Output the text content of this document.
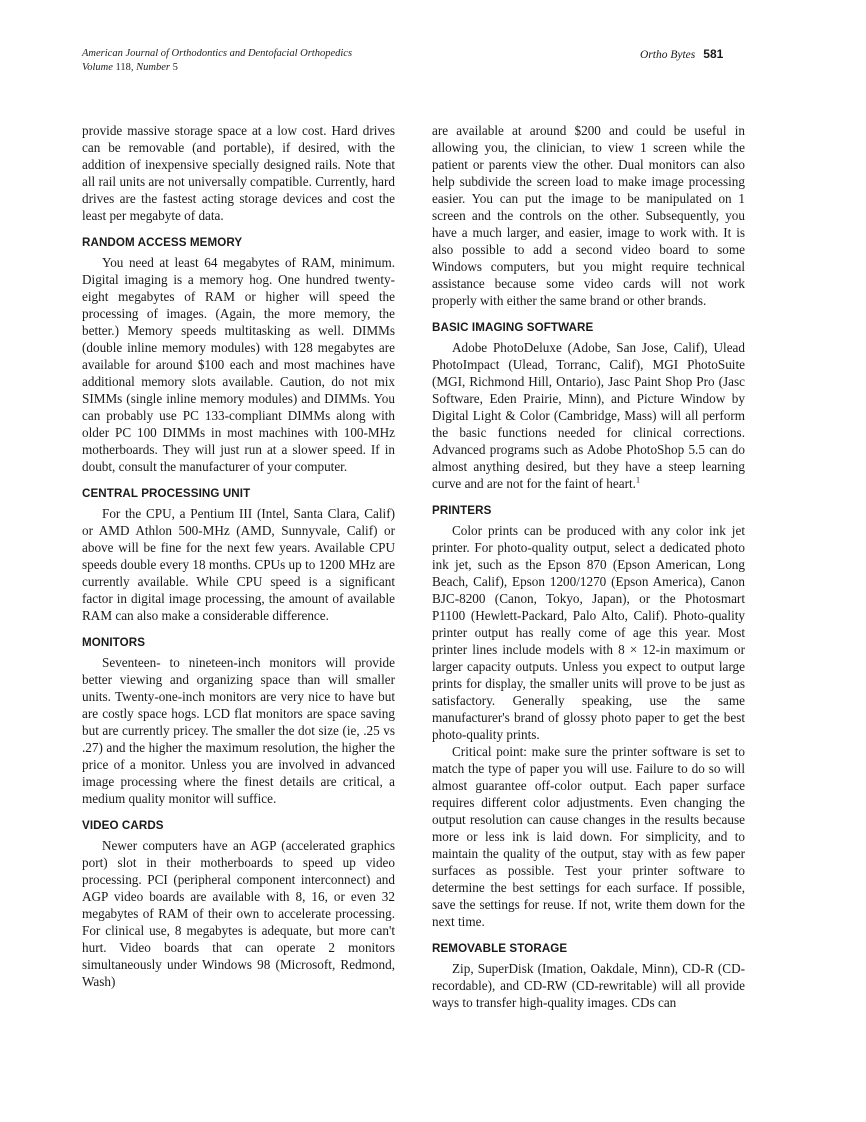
American Journal of Orthodontics and Dentofacial Orthopedics
Volume 118, Number 5
Ortho Bytes 581

provide massive storage space at a low cost. Hard drives can be removable (and portable), if desired, with the addition of inexpensive specially designed rails. Note that all rail units are not universally compatible. Currently, hard drives are the fastest acting storage devices and cost the least per megabyte of data.

RANDOM ACCESS MEMORY

You need at least 64 megabytes of RAM, minimum. Digital imaging is a memory hog. One hundred twenty-eight megabytes of RAM or higher will speed the processing of images. (Again, the more memory, the better.) Memory speeds multitasking as well. DIMMs (double inline memory modules) with 128 megabytes are available for around $100 each and most machines have additional memory slots available. Caution, do not mix SIMMs (single inline memory modules) and DIMMs. You can probably use PC 133-compliant DIMMs along with older PC 100 DIMMs in most machines with 100-MHz motherboards. They will just run at a slower speed. If in doubt, consult the manufacturer of your computer.

CENTRAL PROCESSING UNIT

For the CPU, a Pentium III (Intel, Santa Clara, Calif) or AMD Athlon 500-MHz (AMD, Sunnyvale, Calif) or above will be fine for the next few years. Available CPU speeds double every 18 months. CPUs up to 1200 MHz are currently available. While CPU speed is a significant factor in digital image processing, the amount of available RAM can also make a considerable difference.

MONITORS

Seventeen- to nineteen-inch monitors will provide better viewing and organizing space than will smaller units. Twenty-one-inch monitors are very nice to have but are costly space hogs. LCD flat monitors are space saving but are currently pricey. The smaller the dot size (ie, .25 vs .27) and the higher the maximum resolution, the higher the price of a monitor. Unless you are involved in advanced image processing where the finest details are critical, a medium quality monitor will suffice.

VIDEO CARDS

Newer computers have an AGP (accelerated graphics port) slot in their motherboards to speed up video processing. PCI (peripheral component interconnect) and AGP video boards are available with 8, 16, or even 32 megabytes of RAM of their own to accelerate processing. For clinical use, 8 megabytes is adequate, but more can't hurt. Video boards that can operate 2 monitors simultaneously under Windows 98 (Microsoft, Redmond, Wash)

are available at around $200 and could be useful in allowing you, the clinician, to view 1 screen while the patient or parents view the other. Dual monitors can also help subdivide the screen load to make image processing easier. You can put the image to be manipulated on 1 screen and the controls on the other. Subsequently, you have a much larger, and easier, image to work with. It is also possible to add a second video board to some Windows computers, but you might require technical assistance because some video cards will not work properly with either the same brand or other brands.

BASIC IMAGING SOFTWARE

Adobe PhotoDeluxe (Adobe, San Jose, Calif), Ulead PhotoImpact (Ulead, Torranc, Calif), MGI PhotoSuite (MGI, Richmond Hill, Ontario), Jasc Paint Shop Pro (Jasc Software, Eden Prairie, Minn), and Picture Window by Digital Light & Color (Cambridge, Mass) will all perform the basic functions needed for clinical corrections. Advanced programs such as Adobe PhotoShop 5.5 can do almost anything desired, but they have a steep learning curve and are not for the faint of heart.$^1$

PRINTERS

Color prints can be produced with any color ink jet printer. For photo-quality output, select a dedicated photo ink jet, such as the Epson 870 (Epson American, Long Beach, Calif), Epson 1200/1270 (Epson America), Canon BJC-8200 (Canon, Tokyo, Japan), or the Photosmart P1100 (Hewlett-Packard, Palo Alto, Calif). Photo-quality printer output has really come of age this year. Most printer lines include models with 8 × 12-in maximum or larger capacity outputs. Unless you expect to output large prints for display, the smaller units will prove to be just as satisfactory. Generally speaking, use the same manufacturer's brand of glossy photo paper to get the best photo-quality prints.

Critical point: make sure the printer software is set to match the type of paper you will use. Failure to do so will almost guarantee off-color output. Each paper surface requires different color adjustments. Even changing the output resolution can cause changes in the results because more or less ink is laid down. For simplicity, and to maintain the quality of the output, stay with as few paper surfaces as possible. Test your printer software to determine the best settings for each surface. If possible, save the settings for reuse. If not, write them down for the next time.

REMOVABLE STORAGE

Zip, SuperDisk (Imation, Oakdale, Minn), CD-R (CD-recordable), and CD-RW (CD-rewritable) will all provide ways to transfer high-quality images. CDs can
